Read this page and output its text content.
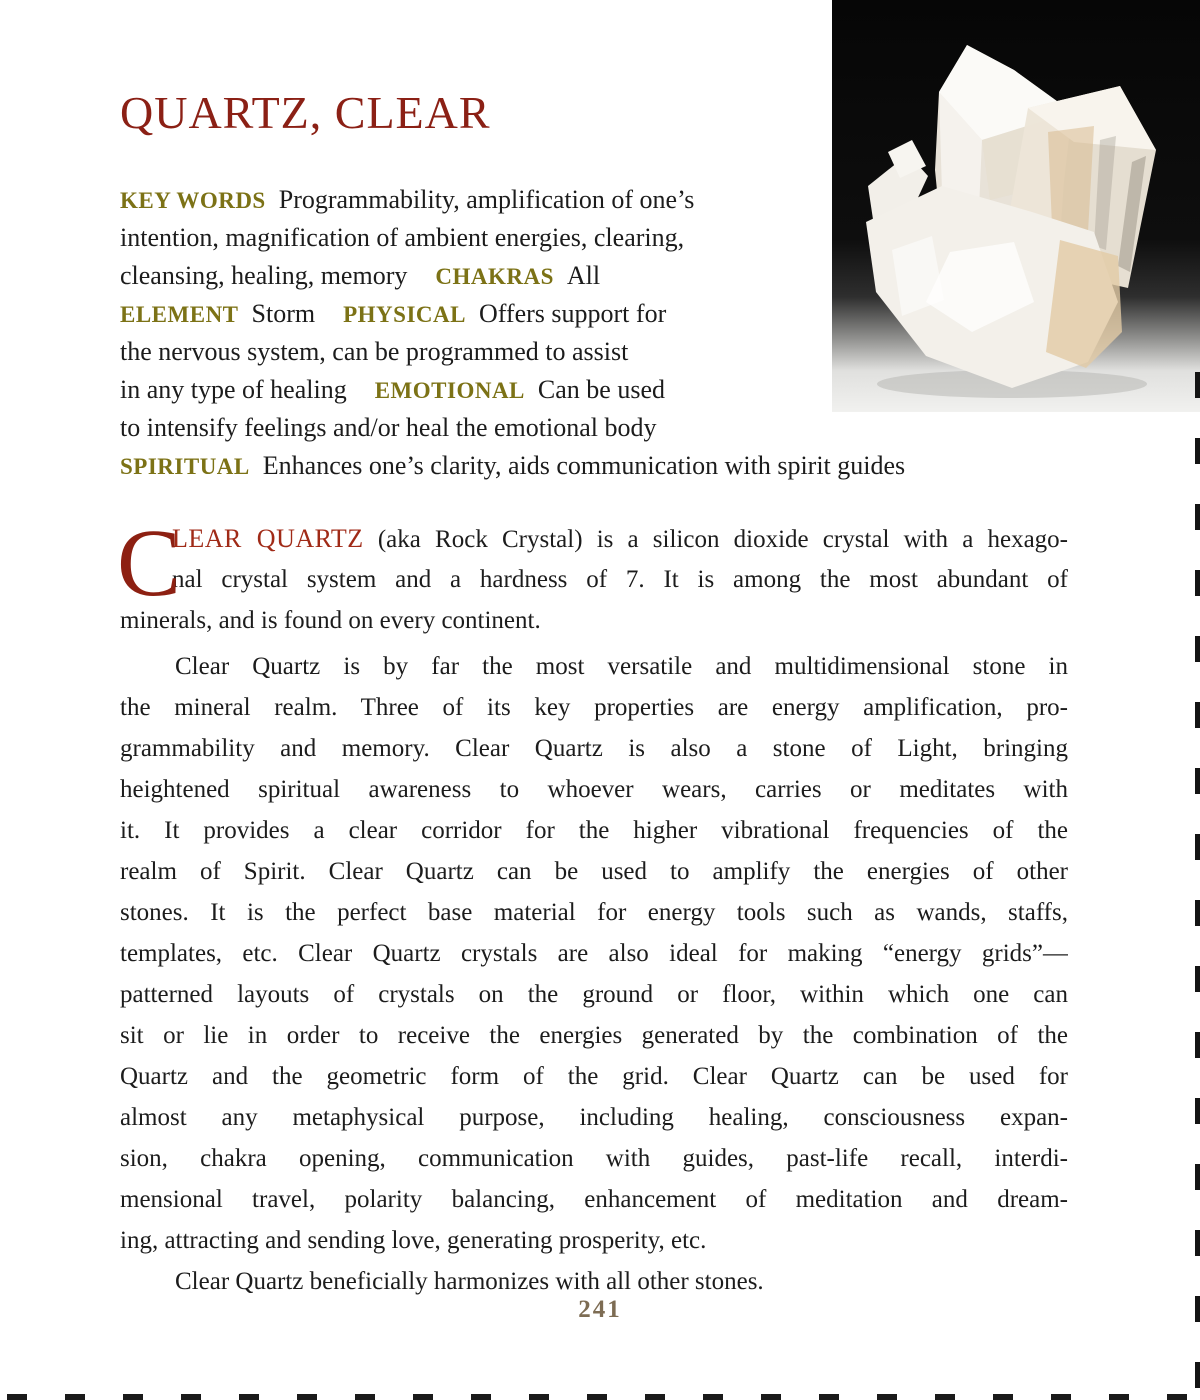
QUARTZ, CLEAR
KEY WORDS Programmability, amplification of one’s
intention, magnification of ambient energies, clearing,
cleansing, healing, memory CHAKRAS All
ELEMENT Storm PHYSICAL Offers support for
the nervous system, can be programmed to assist
in any type of healing EMOTIONAL Can be used
to intensify feelings and/or heal the emotional body
SPIRITUAL Enhances one’s clarity, aids communication with spirit guides
C
LEAR QUARTZ (aka Rock Crystal) is a silicon dioxide crystal with a hexago-
nal crystal system and a hardness of 7. It is among the most abundant of
minerals, and is found on every continent.
Clear Quartz is by far the most versatile and multidimensional stone in
the mineral realm. Three of its key properties are energy amplification, pro-
grammability and memory. Clear Quartz is also a stone of Light, bringing
heightened spiritual awareness to whoever wears, carries or meditates with
it. It provides a clear corridor for the higher vibrational frequencies of the
realm of Spirit. Clear Quartz can be used to amplify the energies of other
stones. It is the perfect base material for energy tools such as wands, staffs,
templates, etc. Clear Quartz crystals are also ideal for making “energy grids”—
patterned layouts of crystals on the ground or floor, within which one can
sit or lie in order to receive the energies generated by the combination of the
Quartz and the geometric form of the grid. Clear Quartz can be used for
almost any metaphysical purpose, including healing, consciousness expan-
sion, chakra opening, communication with guides, past-life recall, interdi-
mensional travel, polarity balancing, enhancement of meditation and dream-
ing, attracting and sending love, generating prosperity, etc.
Clear Quartz beneficially harmonizes with all other stones.
241
